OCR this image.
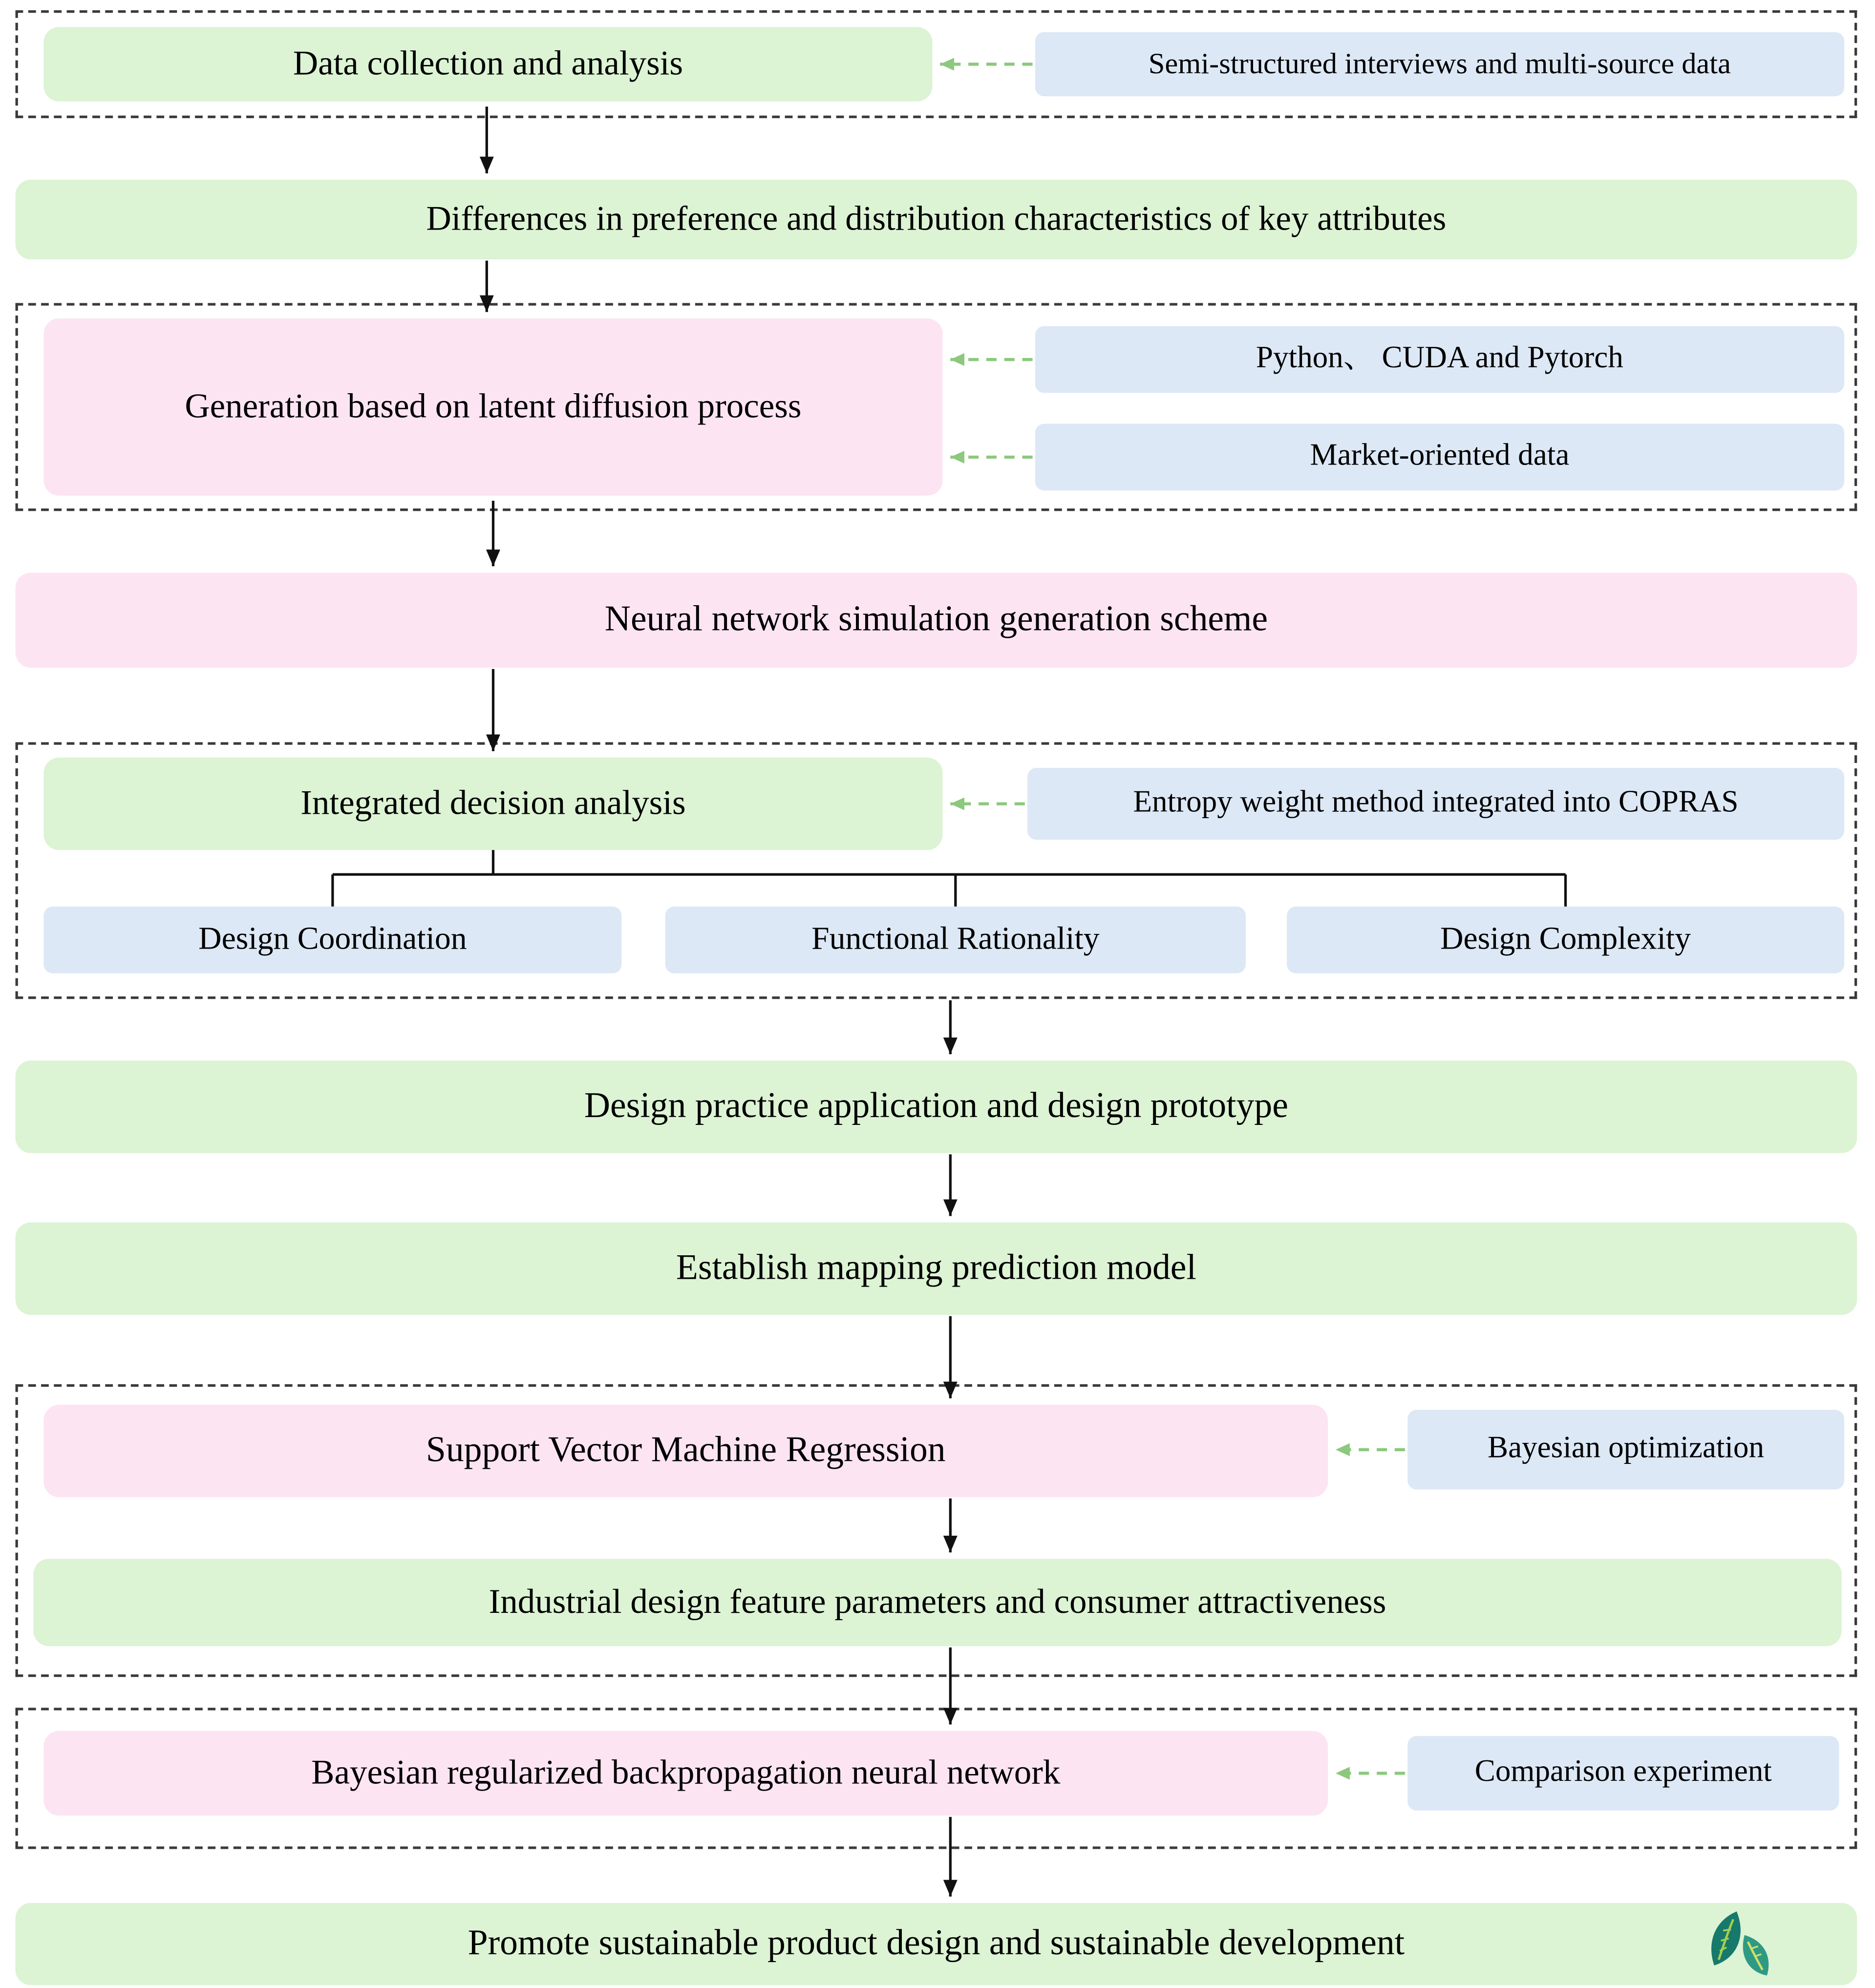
Data collection and analysis	Semi-structured interviews and multi-source data
Differences in preference and distribution characteristics of key attributes
Generation based on latent diffusion process
Python、 CUDA and Pytorch
Market-oriented data
Neural network simulation generation scheme
Integrated decision analysis	Entropy weight method integrated into COPRAS
Design Coordination	Functional Rationality	Design Complexity
Design practice application and design prototype
Establish mapping prediction model
Support Vector Machine Regression	Bayesian optimization
Industrial design feature parameters and consumer attractiveness
Bayesian regularized backpropagation neural network	Comparison experiment
Promote sustainable product design and sustainable development
